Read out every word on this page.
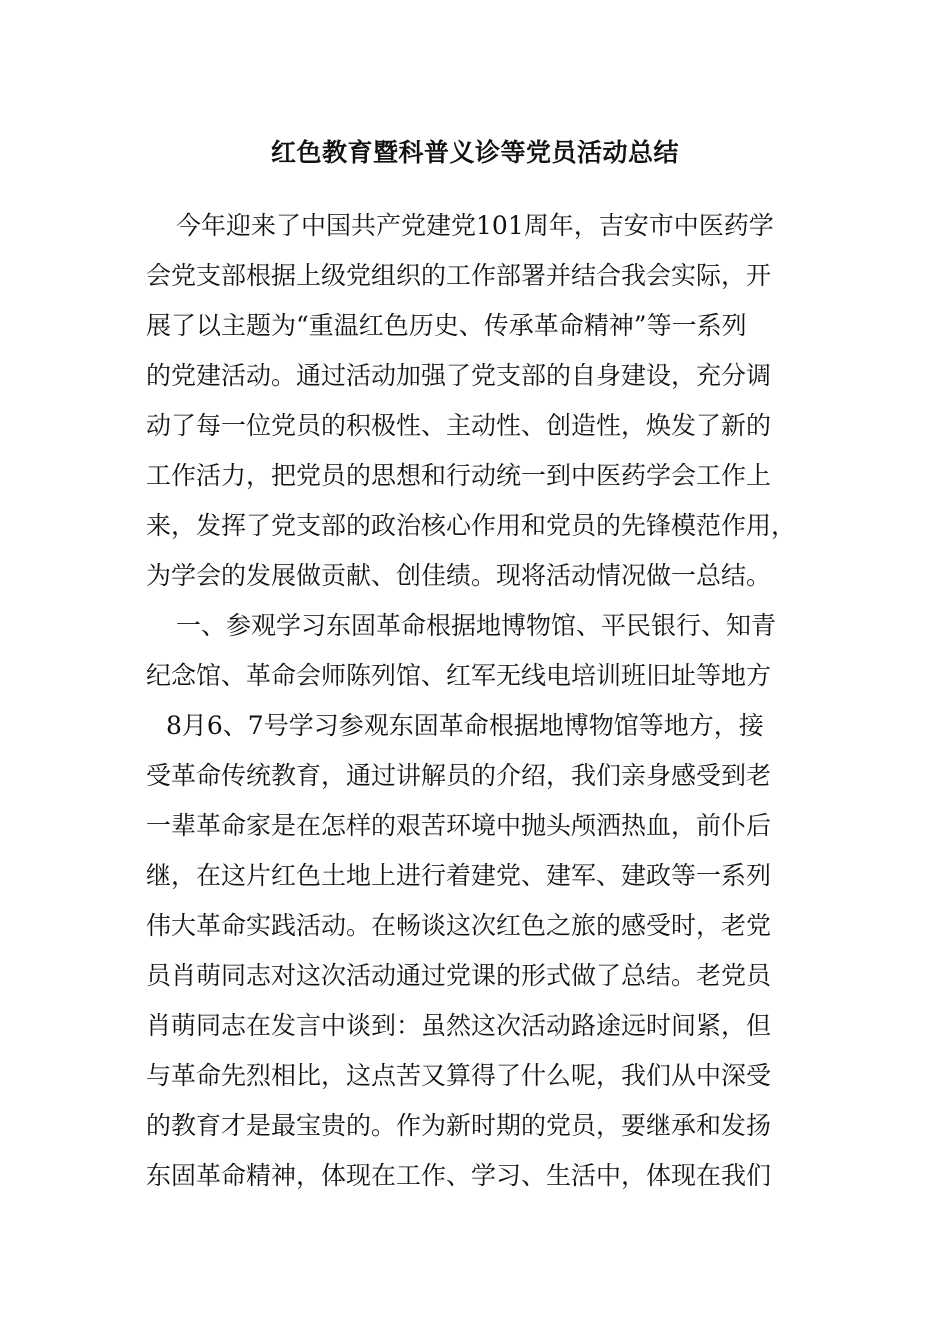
红色教育暨科普义诊等党员活动总结
今年迎来了中国共产党建党101周年，吉安市中医药学
会党支部根据上级党组织的工作部署并结合我会实际，开
展了以主题为“重温红色历史、传承革命精神”等一系列
的党建活动。通过活动加强了党支部的自身建设，充分调
动了每一位党员的积极性、主动性、创造性，焕发了新的
工作活力，把党员的思想和行动统一到中医药学会工作上
来，发挥了党支部的政治核心作用和党员的先锋模范作用，
为学会的发展做贡献、创佳绩。现将活动情况做一总结。
一、参观学习东固革命根据地博物馆、平民银行、知青
纪念馆、革命会师陈列馆、红军无线电培训班旧址等地方
8月6、7号学习参观东固革命根据地博物馆等地方，接
受革命传统教育，通过讲解员的介绍，我们亲身感受到老
一辈革命家是在怎样的艰苦环境中抛头颅洒热血，前仆后
继，在这片红色土地上进行着建党、建军、建政等一系列
伟大革命实践活动。在畅谈这次红色之旅的感受时，老党
员肖萌同志对这次活动通过党课的形式做了总结。老党员
肖萌同志在发言中谈到：虽然这次活动路途远时间紧，但
与革命先烈相比，这点苦又算得了什么呢，我们从中深受
的教育才是最宝贵的。作为新时期的党员，要继承和发扬
东固革命精神，体现在工作、学习、生活中，体现在我们
